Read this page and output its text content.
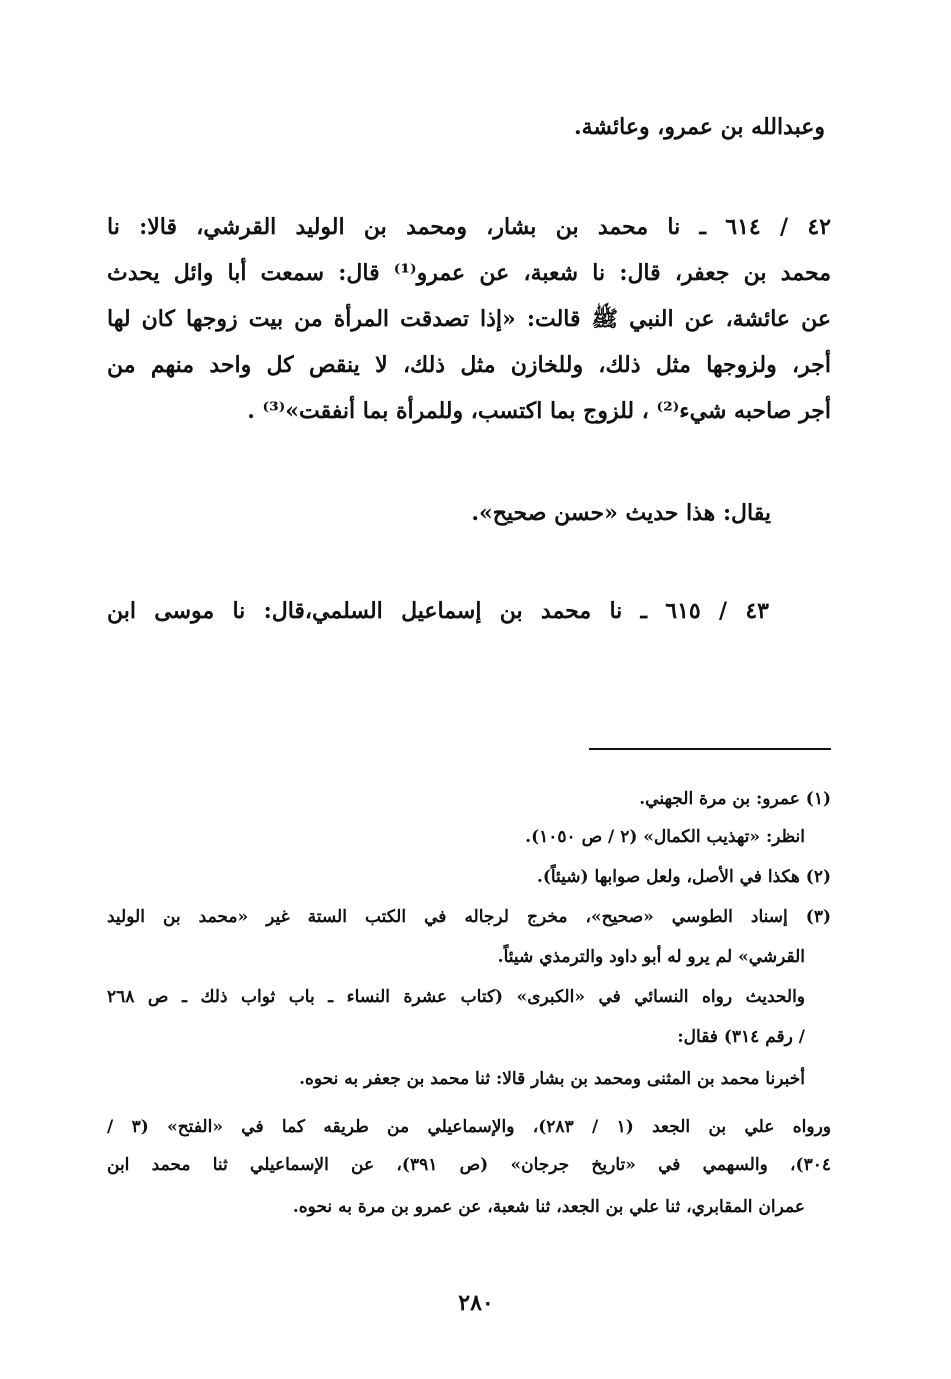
وعبدالله بن عمرو، وعائشة.
٤٢ / ٦١٤ ـ نا محمد بن بشار، ومحمد بن الوليد القرشي، قالا: نا
محمد بن جعفر، قال: نا شعبة، عن عمرو⁽¹⁾ قال: سمعت أبا وائل يحدث
عن عائشة، عن النبي ﷺ قالت: «إذا تصدقت المرأة من بيت زوجها كان لها
أجر، ولزوجها مثل ذلك، وللخازن مثل ذلك، لا ينقص كل واحد منهم من
أجر صاحبه شيء⁽²⁾ ، للزوج بما اكتسب، وللمرأة بما أنفقت»⁽³⁾ .
يقال: هذا حديث «حسن صحيح».
٤٣ / ٦١٥ ـ نا محمد بن إسماعيل السلمي،قال: نا موسى ابن
(١) عمرو: بن مرة الجهني.
انظر: «تهذيب الكمال» (٢ / ص ١٠٥٠).
(٢) هكذا في الأصل، ولعل صوابها (شيئاً).
(٣) إسناد الطوسي «صحيح»، مخرج لرجاله في الكتب الستة غير «محمد بن الوليد
القرشي» لم يرو له أبو داود والترمذي شيئاً.
والحديث رواه النسائي في «الكبرى» (كتاب عشرة النساء ـ باب ثواب ذلك ـ ص ٢٦٨
/ رقم ٣١٤) فقال:
أخبرنا محمد بن المثنى ومحمد بن بشار قالا: ثنا محمد بن جعفر به نحوه.
ورواه علي بن الجعد (١ / ٢٨٣)، والإسماعيلي من طريقه كما في «الفتح» (٣ /
٣٠٤)، والسهمي في «تاريخ جرجان» (ص ٣٩١)، عن الإسماعيلي ثنا محمد ابن
عمران المقابري، ثنا علي بن الجعد، ثنا شعبة، عن عمرو بن مرة به نحوه.
٢٨٠
